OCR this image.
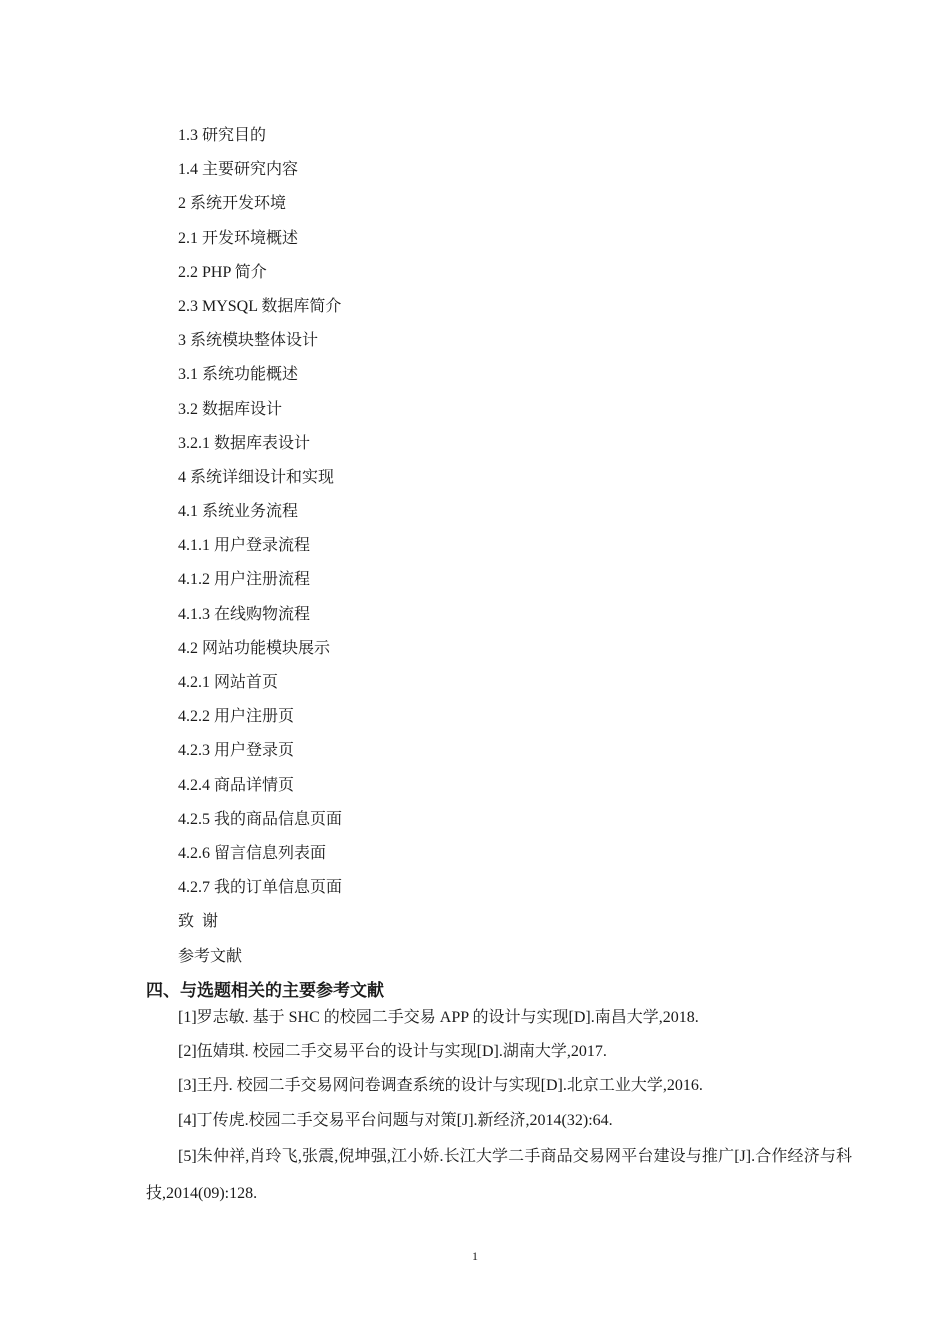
1.3 研究目的
1.4 主要研究内容
2 系统开发环境
2.1 开发环境概述
2.2 PHP 简介
2.3 MYSQL 数据库简介
3 系统模块整体设计
3.1 系统功能概述
3.2 数据库设计
3.2.1 数据库表设计
4 系统详细设计和实现
4.1 系统业务流程
4.1.1 用户登录流程
4.1.2 用户注册流程
4.1.3 在线购物流程
4.2 网站功能模块展示
4.2.1 网站首页
4.2.2 用户注册页
4.2.3 用户登录页
4.2.4 商品详情页
4.2.5 我的商品信息页面
4.2.6 留言信息列表面
4.2.7 我的订单信息页面
致  谢
参考文献
四、与选题相关的主要参考文献
[1]罗志敏. 基于 SHC 的校园二手交易 APP 的设计与实现[D].南昌大学,2018.
[2]伍婧琪. 校园二手交易平台的设计与实现[D].湖南大学,2017.
[3]王丹. 校园二手交易网问卷调查系统的设计与实现[D].北京工业大学,2016.
[4]丁传虎.校园二手交易平台问题与对策[J].新经济,2014(32):64.
[5]朱仲祥,肖玲飞,张震,倪坤强,江小娇.长江大学二手商品交易网平台建设与推广[J].合作经济与科技,2014(09):128.
1
